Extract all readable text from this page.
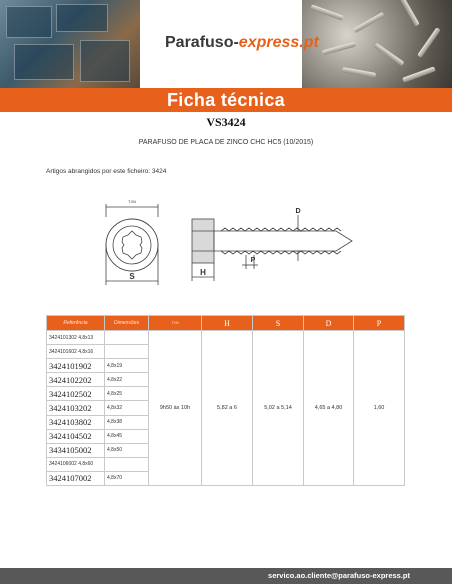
Parafuso-express.pt
Ficha técnica
VS3424
PARAFUSO DE PLACA DE ZINCO CHC HC5 (10/2015)
Artigos abrangidos por este ficheiro: 3424
TXN
S	H
P
D
Referência	Dimensões	TXN	H	S	D	P
3424101302 4,8x13		9h50 às 10h	5,82 a 6	5,02 a 5,14	4,65 a 4,80	1,60
3424101602 4,8x16						
3424101902	4,8x19					
3424102202	4,8x22					
3424102502	4,8x25					
3424103202	4,8x32					
3424103802	4,8x38					
3424104502	4,8x45					
3434105002	4,8x50					
3424106002 4,8x60						
3424107002	4,8x70					
servico.ao.cliente@parafuso-express.pt
